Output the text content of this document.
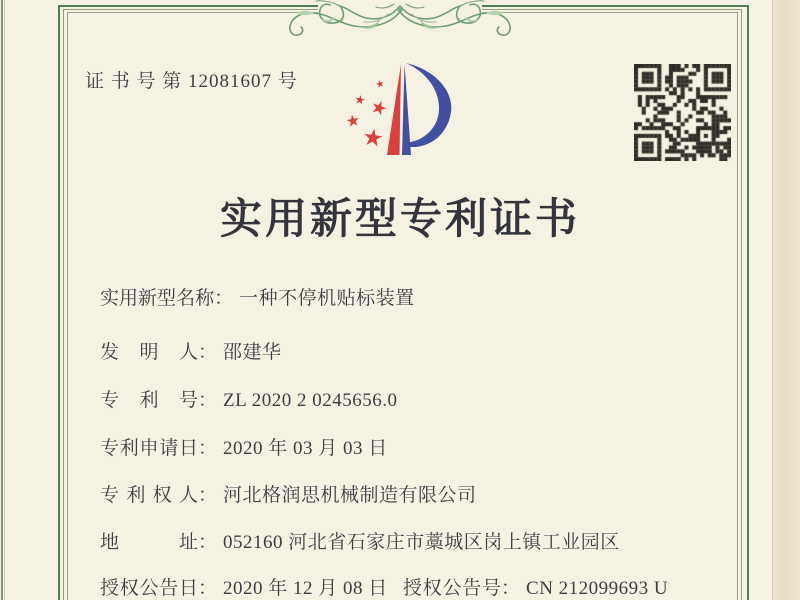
证 书 号 第 12081607 号
实用新型专利证书
实 用 新 型 名 称 ： 一种不停机贴标装置
发 明 人 ： 邵建华
专 利 号 ： ZL 2020 2 0245656.0
专 利 申 请 日 ： 2020 年 03 月 03 日
专 利 权 人 ： 河北格润思机械制造有限公司
地	址 ： 052160 河北省石家庄市藁城区岗上镇工业园区
授 权 公 告 日 ： 2020 年 12 月 08 日 授 权 公 告 号 ： CN 212099693 U
